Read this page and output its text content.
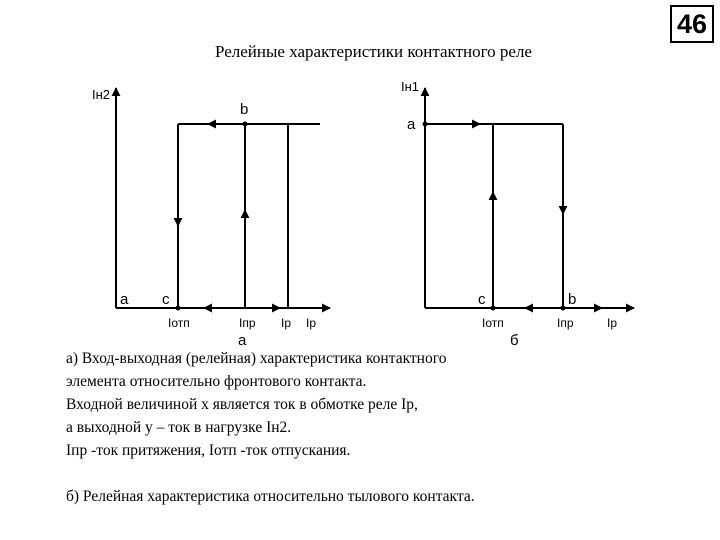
46
Релейные характеристики контактного реле
Iн2
b
а с
Iотп	Iпр Iр Iр
а
Iн1
а
с	b
Iотп	Iпр	Iр
б

а) Вход-выходная (релейная) характеристика контактного

элемента относительно фронтового контакта.

Входной величиной x является ток в обмотке реле Iр,

а выходной y – ток в нагрузке Iн2.

Iпр -ток притяжения, Iотп -ток отпускания.

б) Релейная характеристика относительно тылового контакта.
